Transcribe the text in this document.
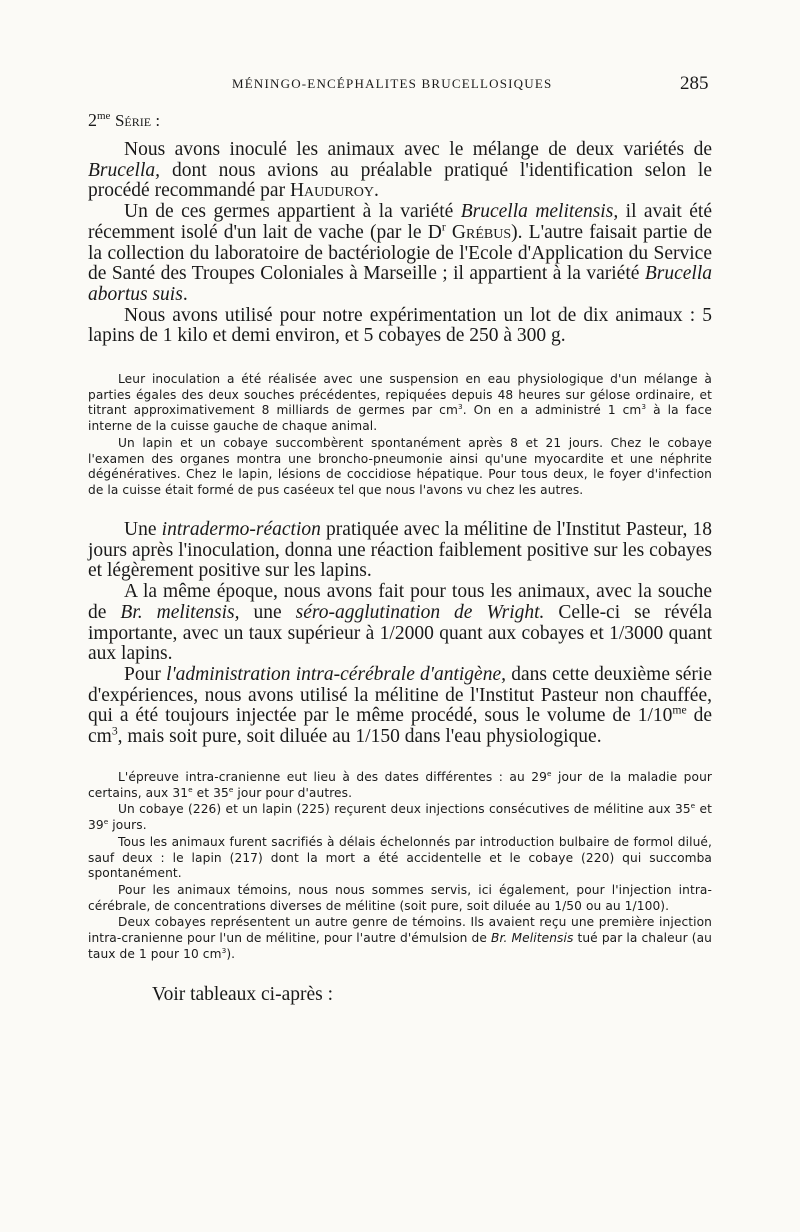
MÉNINGO-ENCÉPHALITES BRUCELLOSIQUES	285
$2^{me}$ Série :

Nous avons inoculé les animaux avec le mélange de deux variétés de Brucella, dont nous avions au préalable pratiqué l'identification selon le procédé recommandé par Hauduroy.

Un de ces germes appartient à la variété Brucella melitensis, il avait été récemment isolé d'un lait de vache (par le $D^r$ Grébus). L'autre faisait partie de la collection du laboratoire de bactériologie de l'Ecole d'Application du Service de Santé des Troupes Coloniales à Marseille ; il appartient à la variété Brucella abortus suis.

Nous avons utilisé pour notre expérimentation un lot de dix animaux : 5 lapins de 1 kilo et demi environ, et 5 cobayes de 250 à 300 g.

Leur inoculation a été réalisée avec une suspension en eau physiologique d'un mélange à parties égales des deux souches précédentes, repiquées depuis 48 heures sur gélose ordinaire, et titrant approximativement 8 milliards de germes par $cm^3$. On en a administré 1 $cm^3$ à la face interne de la cuisse gauche de chaque animal.

Un lapin et un cobaye succombèrent spontanément après 8 et 21 jours. Chez le cobaye l'examen des organes montra une broncho-pneumonie ainsi qu'une myocardite et une néphrite dégénératives. Chez le lapin, lésions de coccidiose hépatique. Pour tous deux, le foyer d'infection de la cuisse était formé de pus caséeux tel que nous l'avons vu chez les autres.

Une intradermo-réaction pratiquée avec la mélitine de l'Institut Pasteur, 18 jours après l'inoculation, donna une réaction faiblement positive sur les cobayes et légèrement positive sur les lapins.

A la même époque, nous avons fait pour tous les animaux, avec la souche de Br. melitensis, une séro-agglutination de Wright. Celle-ci se révéla importante, avec un taux supérieur à 1/2000 quant aux cobayes et 1/3000 quant aux lapins.

Pour l'administration intra-cérébrale d'antigène, dans cette deuxième série d'expériences, nous avons utilisé la mélitine de l'Institut Pasteur non chauffée, qui a été toujours injectée par le même procédé, sous le volume de $1/10^{me}$ de $cm^3$, mais soit pure, soit diluée au 1/150 dans l'eau physiologique.

L'épreuve intra-cranienne eut lieu à des dates différentes : au 29e jour de la maladie pour certains, aux 31e et 35e jour pour d'autres.

Un cobaye (226) et un lapin (225) reçurent deux injections consécutives de mélitine aux 35e et 39e jours.

Tous les animaux furent sacrifiés à délais échelonnés par introduction bulbaire de formol dilué, sauf deux : le lapin (217) dont la mort a été accidentelle et le cobaye (220) qui succomba spontanément.

Pour les animaux témoins, nous nous sommes servis, ici également, pour l'injection intra-cérébrale, de concentrations diverses de mélitine (soit pure, soit diluée au 1/50 ou au 1/100).

Deux cobayes représentent un autre genre de témoins. Ils avaient reçu une première injection intra-cranienne pour l'un de mélitine, pour l'autre d'émulsion de Br. Melitensis tué par la chaleur (au taux de 1 pour 10 $cm^3$).

Voir tableaux ci-après :
